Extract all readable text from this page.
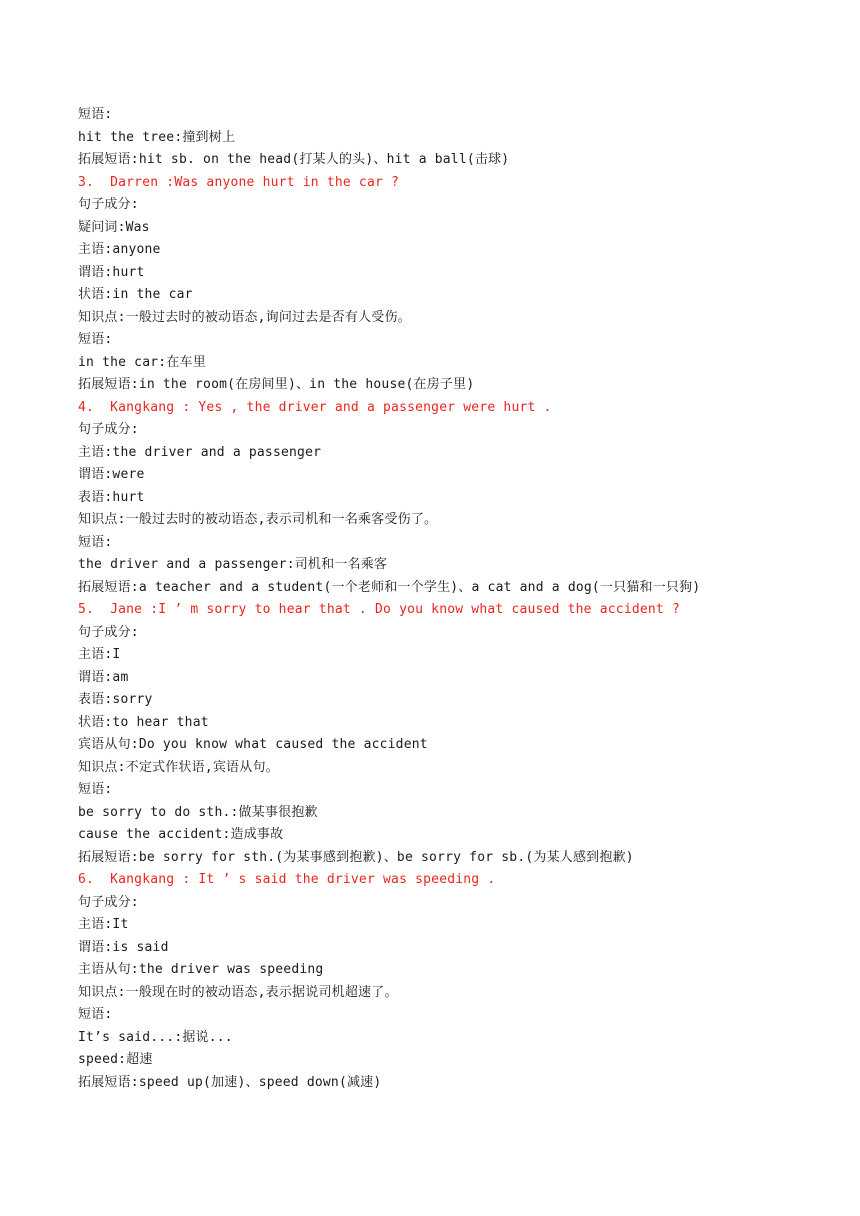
短语:
hit the tree:撞到树上
拓展短语:hit sb. on the head(打某人的头)、hit a ball(击球)
3.  Darren :Was anyone hurt in the car ?
句子成分:
疑问词:Was
主语:anyone
谓语:hurt
状语:in the car
知识点:一般过去时的被动语态,询问过去是否有人受伤。
短语:
in the car:在车里
拓展短语:in the room(在房间里)、in the house(在房子里)
4.  Kangkang : Yes , the driver and a passenger were hurt .
句子成分:
主语:the driver and a passenger
谓语:were
表语:hurt
知识点:一般过去时的被动语态,表示司机和一名乘客受伤了。
短语:
the driver and a passenger:司机和一名乘客
拓展短语:a teacher and a student(一个老师和一个学生)、a cat and a dog(一只猫和一只狗)
5.  Jane :I ’ m sorry to hear that . Do you know what caused the accident ?
句子成分:
主语:I
谓语:am
表语:sorry
状语:to hear that
宾语从句:Do you know what caused the accident
知识点:不定式作状语,宾语从句。
短语:
be sorry to do sth.:做某事很抱歉
cause the accident:造成事故
拓展短语:be sorry for sth.(为某事感到抱歉)、be sorry for sb.(为某人感到抱歉)
6.  Kangkang : It ’ s said the driver was speeding .
句子成分:
主语:It
谓语:is said
主语从句:the driver was speeding
知识点:一般现在时的被动语态,表示据说司机超速了。
短语:
It’s said...:据说...
speed:超速
拓展短语:speed up(加速)、speed down(减速)
